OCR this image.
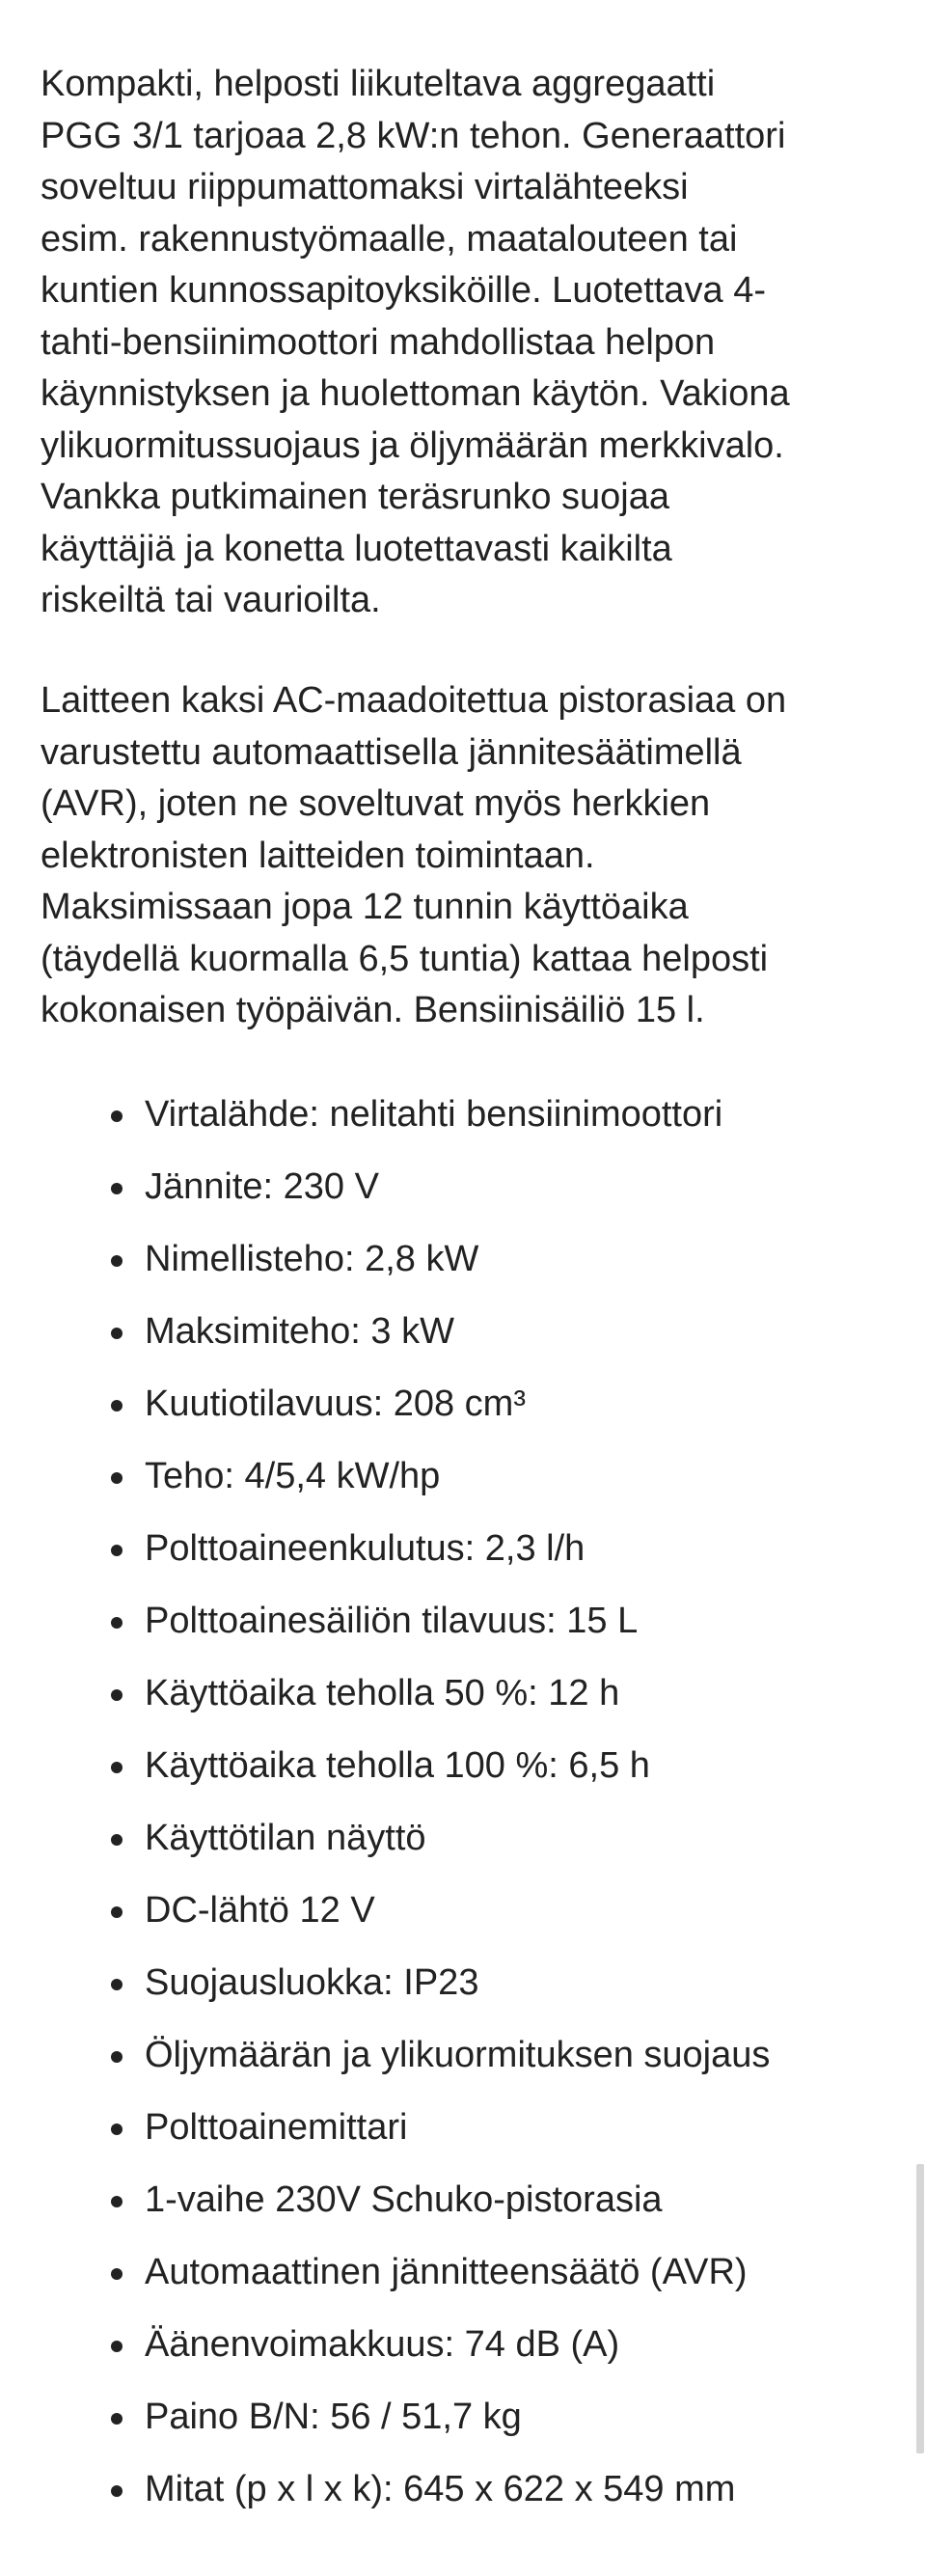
Kompakti, helposti liikuteltava aggregaatti
PGG 3/1 tarjoaa 2,8 kW:n tehon. Generaattori
soveltuu riippumattomaksi virtalähteeksi
esim. rakennustyömaalle, maatalouteen tai
kuntien kunnossapitoyksiköille. Luotettava 4-
tahti-bensiinimoottori mahdollistaa helpon
käynnistyksen ja huolettoman käytön. Vakiona
ylikuormitussuojaus ja öljymäärän merkkivalo.
Vankka putkimainen teräsrunko suojaa
käyttäjiä ja konetta luotettavasti kaikilta
riskeiltä tai vaurioilta.

Laitteen kaksi AC-maadoitettua pistorasiaa on
varustettu automaattisella jännitesäätimellä
(AVR), joten ne soveltuvat myös herkkien
elektronisten laitteiden toimintaan.
Maksimissaan jopa 12 tunnin käyttöaika
(täydellä kuormalla 6,5 tuntia) kattaa helposti
kokonaisen työpäivän. Bensiinisäiliö 15 l.

Virtalähde: nelitahti bensiinimoottori
Jännite: 230 V
Nimellisteho: 2,8 kW
Maksimiteho: 3 kW
Kuutiotilavuus: 208 cm³
Teho: 4/5,4 kW/hp
Polttoaineenkulutus: 2,3 l/h
Polttoainesäiliön tilavuus: 15 L
Käyttöaika teholla 50 %: 12 h
Käyttöaika teholla 100 %: 6,5 h
Käyttötilan näyttö
DC-lähtö 12 V
Suojausluokka: IP23
Öljymäärän ja ylikuormituksen suojaus
Polttoainemittari
1-vaihe 230V Schuko-pistorasia
Automaattinen jännitteensäätö (AVR)
Äänenvoimakkuus: 74 dB (A)
Paino B/N: 56 / 51,7 kg
Mitat (p x l x k): 645 x 622 x 549 mm
